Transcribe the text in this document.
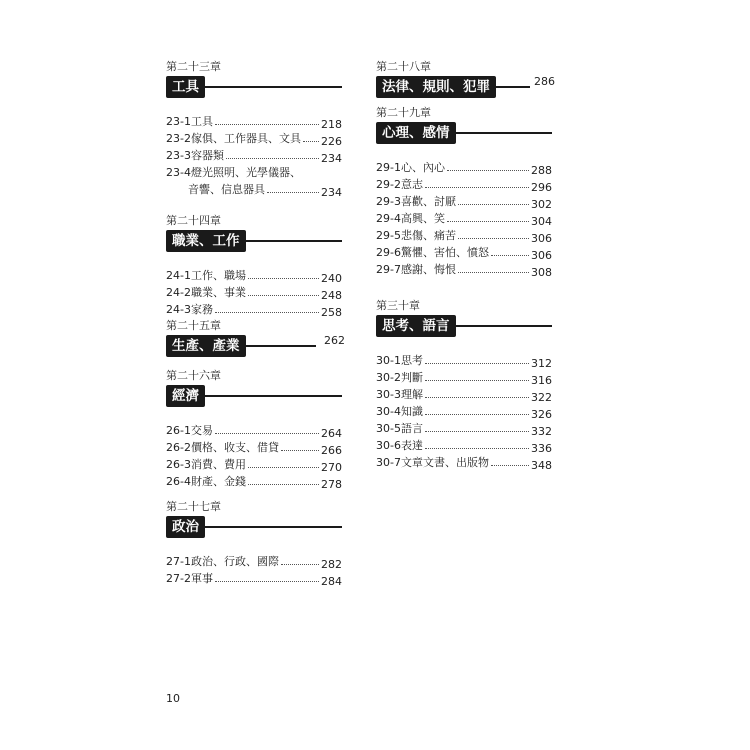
第二十三章
工具
23-1工具	218
23-2傢俱、工作器具、文具 226
23-3容器類	234
23-4燈光照明、光學儀器、
音響、信息器具	234
第二十四章
職業、工作
24-1工作、職場	240
24-2職業、事業	248
24-3家務	258
第二十五章
生產、產業	262
第二十六章
經濟
26-1交易	264
26-2價格、收支、借貸	266
26-3消費、費用	270
26-4財產、金錢	278
第二十七章
政治
27-1政治、行政、國際	282
27-2軍事	284
第二十八章
法律、規則、犯罪	286
第二十九章
心理、感情
29-1心、內心	288
29-2意志	296
29-3喜歡、討厭	302
29-4高興、笑	304
29-5悲傷、痛苦	306
29-6驚懼、害怕、憤怒	306
29-7感謝、悔恨	308
第三十章
思考、語言
30-1思考	312
30-2判斷	316
30-3理解	322
30-4知識	326
30-5語言	332
30-6表達	336
30-7文章文書、出版物	348
10
